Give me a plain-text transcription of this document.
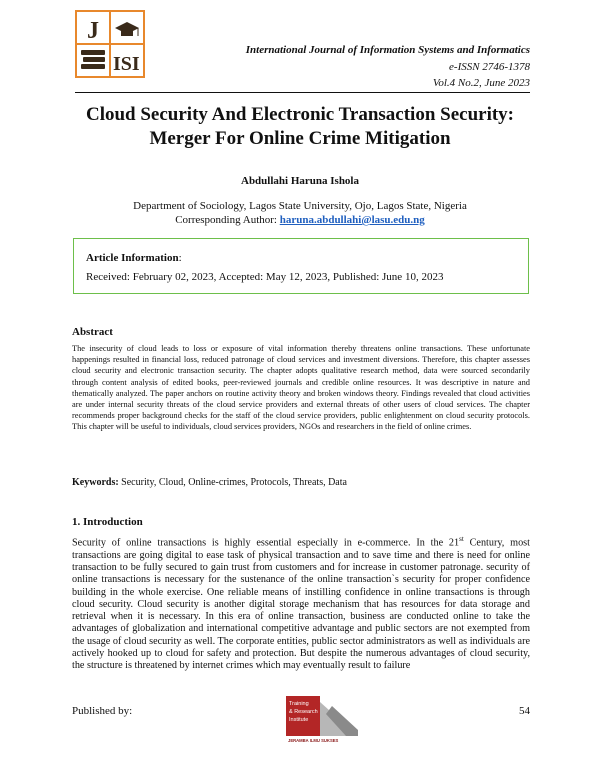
J
ISI
International Journal of Information Systems and Informatics
e-ISSN 2746-1378
Vol.4 No.2, June 2023
Cloud Security And Electronic Transaction Security:
Merger For Online Crime Mitigation
Abdullahi Haruna Ishola
Department of Sociology, Lagos State University, Ojo, Lagos State, Nigeria
Corresponding Author: haruna.abdullahi@lasu.edu.ng
Article Information:
Received: February 02, 2023, Accepted: May 12, 2023, Published: June 10, 2023
Abstract
The insecurity of cloud leads to loss or exposure of vital information thereby threatens online transactions. These unfortunate happenings resulted in financial loss, reduced patronage of cloud services and investment diversions. Therefore, this chapter assesses cloud security and electronic transaction security. The chapter adopts qualitative research method, data were sourced secondarily through content analysis of edited books, peer-reviewed journals and credible online resources. It was descriptive in nature and thematically analyzed. The paper anchors on routine activity theory and broken windows theory. Findings revealed that cloud activities are under internal security threats of the cloud service providers and external threats of other users of cloud services. The chapter recommends proper background checks for the staff of the cloud service providers, public enlightenment on cloud security protocols. This chapter will be useful to individuals, cloud services providers, NGOs and researchers in the field of online crimes.
Keywords: Security, Cloud, Online-crimes, Protocols, Threats, Data
1. Introduction
Security of online transactions is highly essential especially in e-commerce. In the 21st Century, most transactions are going digital to ease task of physical transaction and to save time and there is need for online transaction to be fully secured to gain trust from customers and for increase in customer patronage. security of online transactions is necessary for the sustenance of the online transaction`s security for proper confidence building in the whole exercise. One reliable means of instilling confidence in online transactions is through cloud security. Cloud security is another digital storage mechanism that has resources for data storage and retrieval when it is necessary. In this era of online transaction, business are conducted online to take the advantages of globalization and international competitive advantage and public sectors are not exempted from the usage of cloud security as well. The corporate entities, public sector administrators as well as individuals are actively hooked up to cloud for safety and protection. But despite the numerous advantages of cloud security, the structure is threatened by internet crimes which may eventually result to failure
Published by:	54
Training
& Research
Institute
JERAMBA ILMU SUKSES
